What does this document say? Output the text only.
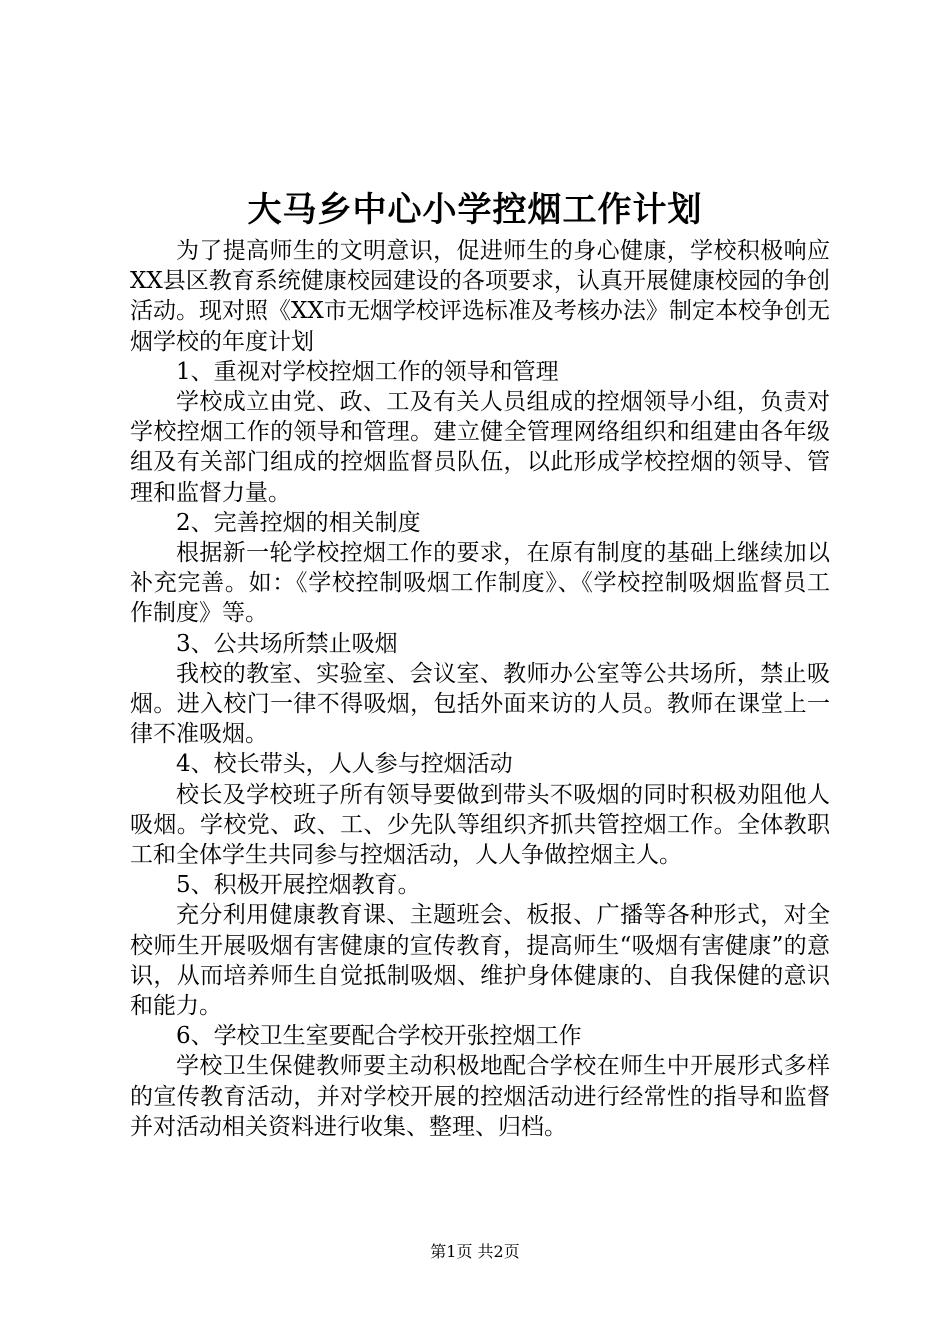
大马乡中心小学控烟工作计划

为了提高师生的文明意识，促进师生的身心健康，学校积极响应XX县区教育系统健康校园建设的各项要求，认真开展健康校园的争创活动。现对照《XX市无烟学校评选标准及考核办法》制定本校争创无烟学校的年度计划

1、重视对学校控烟工作的领导和管理

学校成立由党、政、工及有关人员组成的控烟领导小组，负责对学校控烟工作的领导和管理。建立健全管理网络组织和组建由各年级组及有关部门组成的控烟监督员队伍，以此形成学校控烟的领导、管理和监督力量。

2、完善控烟的相关制度

根据新一轮学校控烟工作的要求，在原有制度的基础上继续加以补充完善。如：《学校控制吸烟工作制度》、《学校控制吸烟监督员工作制度》等。

3、公共场所禁止吸烟

我校的教室、实验室、会议室、教师办公室等公共场所，禁止吸烟。进入校门一律不得吸烟，包括外面来访的人员。教师在课堂上一律不准吸烟。

4、校长带头，人人参与控烟活动

校长及学校班子所有领导要做到带头不吸烟的同时积极劝阻他人吸烟。学校党、政、工、少先队等组织齐抓共管控烟工作。全体教职工和全体学生共同参与控烟活动，人人争做控烟主人。

5、积极开展控烟教育。

充分利用健康教育课、主题班会、板报、广播等各种形式，对全校师生开展吸烟有害健康的宣传教育，提高师生“吸烟有害健康”的意识，从而培养师生自觉抵制吸烟、维护身体健康的、自我保健的意识和能力。

6、学校卫生室要配合学校开张控烟工作

学校卫生保健教师要主动积极地配合学校在师生中开展形式多样的宣传教育活动，并对学校开展的控烟活动进行经常性的指导和监督并对活动相关资料进行收集、整理、归档。

第1页 共2页
